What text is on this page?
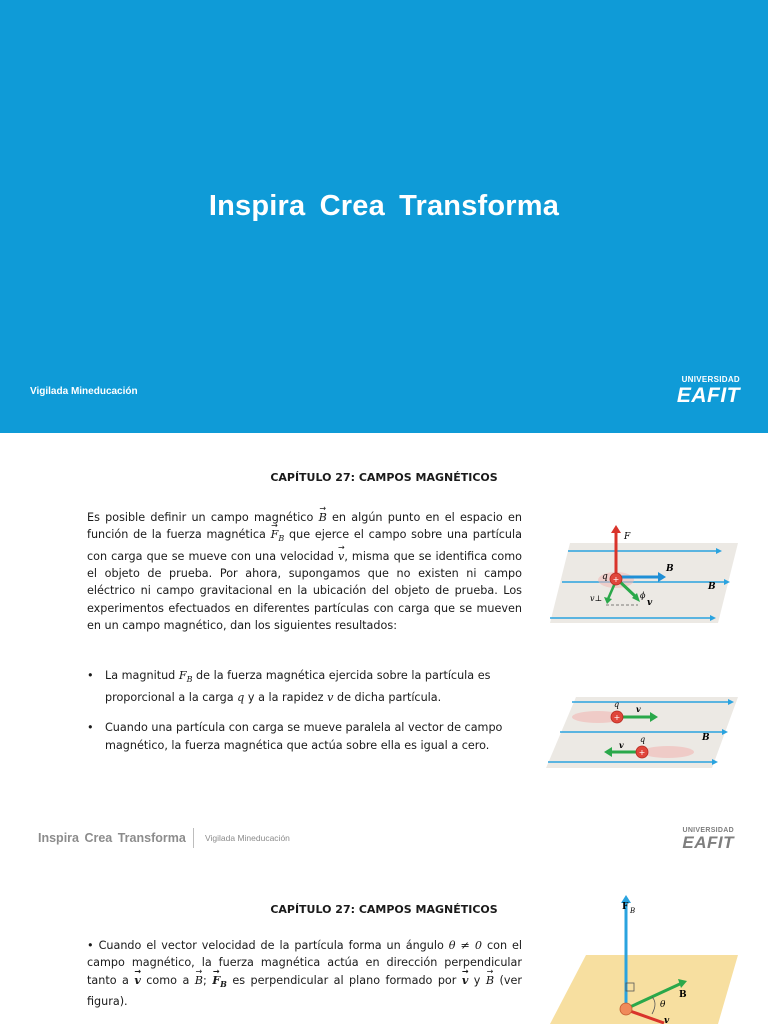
Inspira Crea Transforma
Vigilada Mineducación
UNIVERSIDAD
EAFIT
CAPÍTULO 27: CAMPOS MAGNÉTICOS
Es posible definir un campo magnético → B en algún punto en el espacio en función de la fuerza magnética → $F_B$ que ejerce el campo sobre una partícula con carga que se mueve con una velocidad → v, misma que se identifica como el objeto de prueba. Por ahora, supongamos que no existen ni campo eléctrico ni campo gravitacional en la ubicación del objeto de prueba. Los experimentos efectuados en diferentes partículas con carga que se mueven en un campo magnético, dan los siguientes resultados:
+
F
B
B
q
v
v⊥	ϕ
• La magnitud $F_B$ de la fuerza magnética ejercida sobre la partícula es proporcional a la carga q y a la rapidez v de dicha partícula.
• Cuando una partícula con carga se mueve paralela al vector de campo magnético, la fuerza magnética que actúa sobre ella es igual a cero.
+
+
q v
v
q	B
Inspira Crea Transforma Vigilada Mineducación
UNIVERSIDAD
EAFIT
CAPÍTULO 27: CAMPOS MAGNÉTICOS
• Cuando el vector velocidad de la partícula forma un ángulo θ ≠ 0 con el campo magnético, la fuerza magnética actúa en dirección perpendicular tanto a → v como a → B; → $F_B$ es perpendicular al plano formado por → v y → B (ver figura).
F B
B
θ
v
